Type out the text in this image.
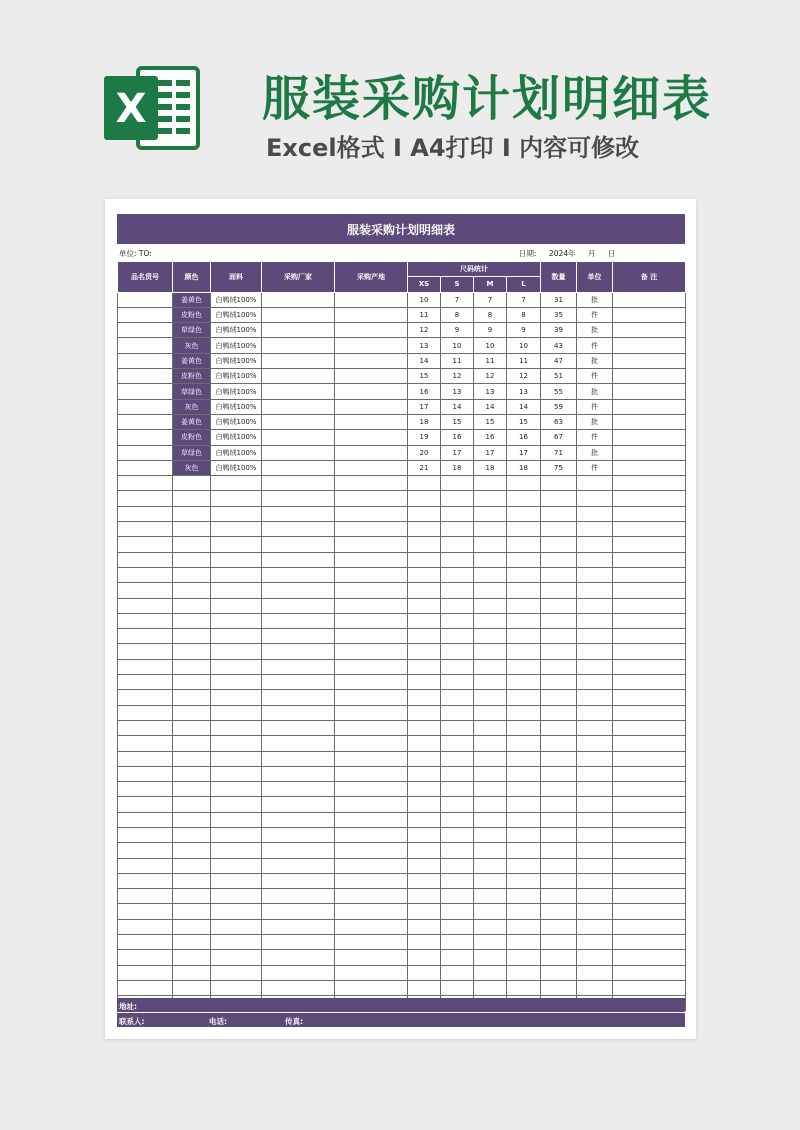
X 服装采购计划明细表
Excel格式 I A4打印 I 内容可修改
服装采购计划明细表
单位: TO:	日期: 2024年 月 日
品名货号	颜色	面料	采购厂家	采购产地	尺码统计				数量	单位	备 注
					XS	S	M	L			
	姜黄色	白鸭绒100%			10	7	7	7	31	批	
	皮粉色	白鸭绒100%			11	8	8	8	35	件	
	草绿色	白鸭绒100%			12	9	9	9	39	批	
	灰色	白鸭绒100%			13	10	10	10	43	件	
	姜黄色	白鸭绒100%			14	11	11	11	47	批	
	皮粉色	白鸭绒100%			15	12	12	12	51	件	
	草绿色	白鸭绒100%			16	13	13	13	55	批	
	灰色	白鸭绒100%			17	14	14	14	59	件	
	姜黄色	白鸭绒100%			18	15	15	15	63	批	
	皮粉色	白鸭绒100%			19	16	16	16	67	件	
	草绿色	白鸭绒100%			20	17	17	17	71	批	
	灰色	白鸭绒100%			21	18	18	18	75	件	

地址:
联系人:	电话:	传真:
